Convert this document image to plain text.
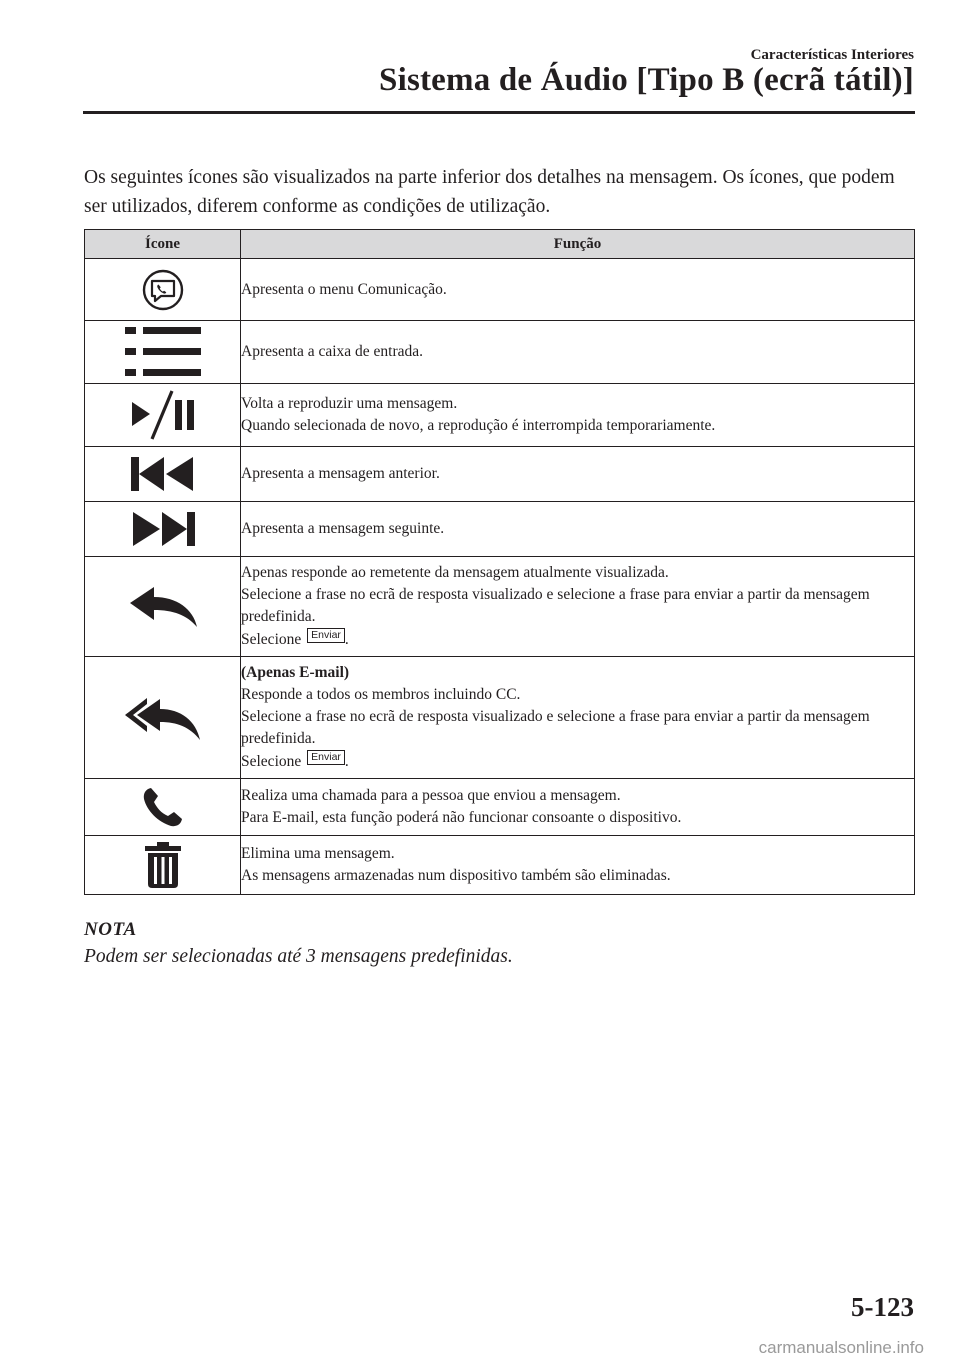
Características Interiores
Sistema de Áudio [Tipo B (ecrã tátil)]
Os seguintes ícones são visualizados na parte inferior dos detalhes na mensagem. Os ícones, que podem ser utilizados, diferem conforme as condições de utilização.
Ícone	Função

Apresenta o menu Comunicação.

Apresenta a caixa de entrada.

Volta a reproduzir uma mensagem.
Quando selecionada de novo, a reprodução é interrompida temporariamente.

Apresenta a mensagem anterior.

Apresenta a mensagem seguinte.

Apenas responde ao remetente da mensagem atualmente visualizada.
Selecione a frase no ecrã de resposta visualizado e selecione a frase para enviar a partir da mensagem predefinida.
Selecione Enviar .

(Apenas E-mail)
Responde a todos os membros incluindo CC.
Selecione a frase no ecrã de resposta visualizado e selecione a frase para enviar a partir da mensagem predefinida.
Selecione Enviar .

Realiza uma chamada para a pessoa que enviou a mensagem.
Para E-mail, esta função poderá não funcionar consoante o dispositivo.

Elimina uma mensagem.
As mensagens armazenadas num dispositivo também são eliminadas.
NOTA
Podem ser selecionadas até 3 mensagens predefinidas.
5-123
carmanualsonline.info
